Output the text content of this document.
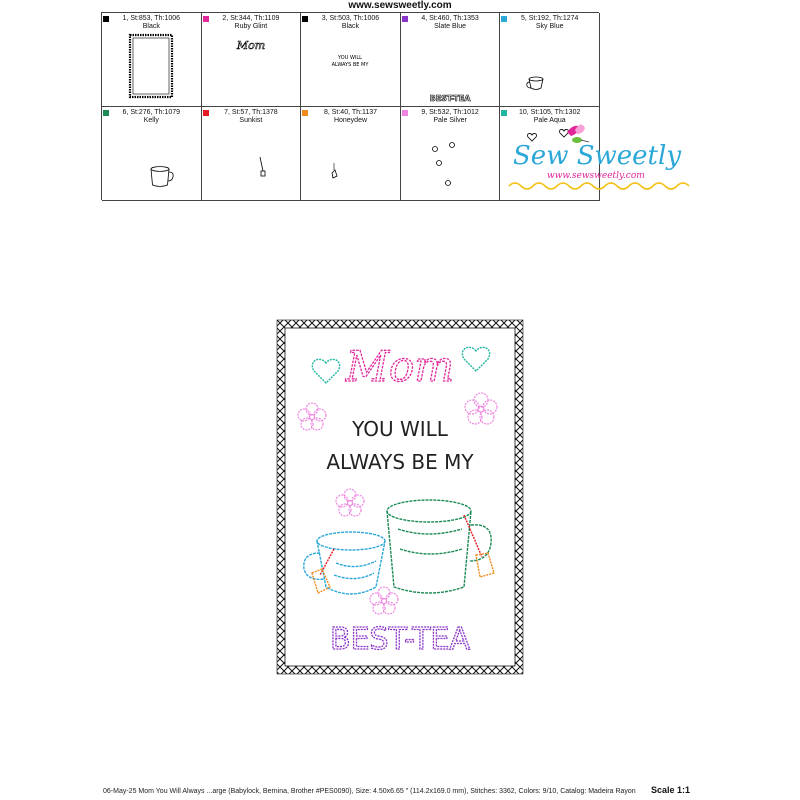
www.sewsweetly.com
1, St:853, Th:1006
Black
2, St:344, Th:1109
Ruby Glint
Mom
3, St:503, Th:1006
Black
YOU WILL
ALWAYS BE MY
4, St:460, Th:1353
Slate Blue
BEST-TEA
5, St:192, Th:1274
Sky Blue
6, St:276, Th:1079
Kelly
7, St:57, Th:1378
Sunkist
8, St:40, Th:1137
Honeydew
9, St:532, Th:1012
Pale Silver
10, St:105, Th:1302
Pale Aqua
Sew Sweetly
www.sewsweetly.com
Mom
YOU WILL
ALWAYS BE MY
BEST-TEA
06-May-25 Mom You Will Always ...arge (Babylock, Bernina, Brother #PES0090), Size: 4.50x6.65 " (114.2x169.0 mm), Stitches: 3362, Colors: 9/10, Catalog: Madeira Rayon Scale 1:1
